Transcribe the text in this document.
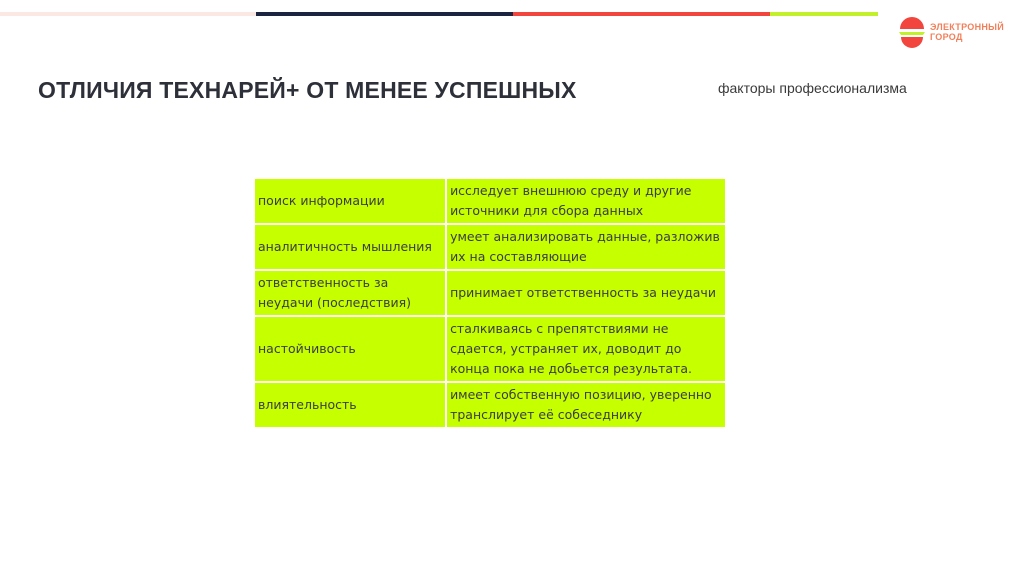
ЭЛЕКТРОННЫЙ
ГОРОД
ОТЛИЧИЯ ТЕХНАРЕЙ+ ОТ МЕНЕЕ УСПЕШНЫХ	факторы профессионализма

поиск информации	исследует внешнюю среду и другие источники для сбора данных
аналитичность мышления	умеет анализировать данные, разложив их на составляющие
ответственность за неудачи (последствия)	принимает ответственность за неудачи
настойчивость	сталкиваясь с препятствиями не сдается, устраняет их, доводит до конца пока не добьется результата.
влиятельность	имеет собственную позицию, уверенно транслирует её собеседнику
